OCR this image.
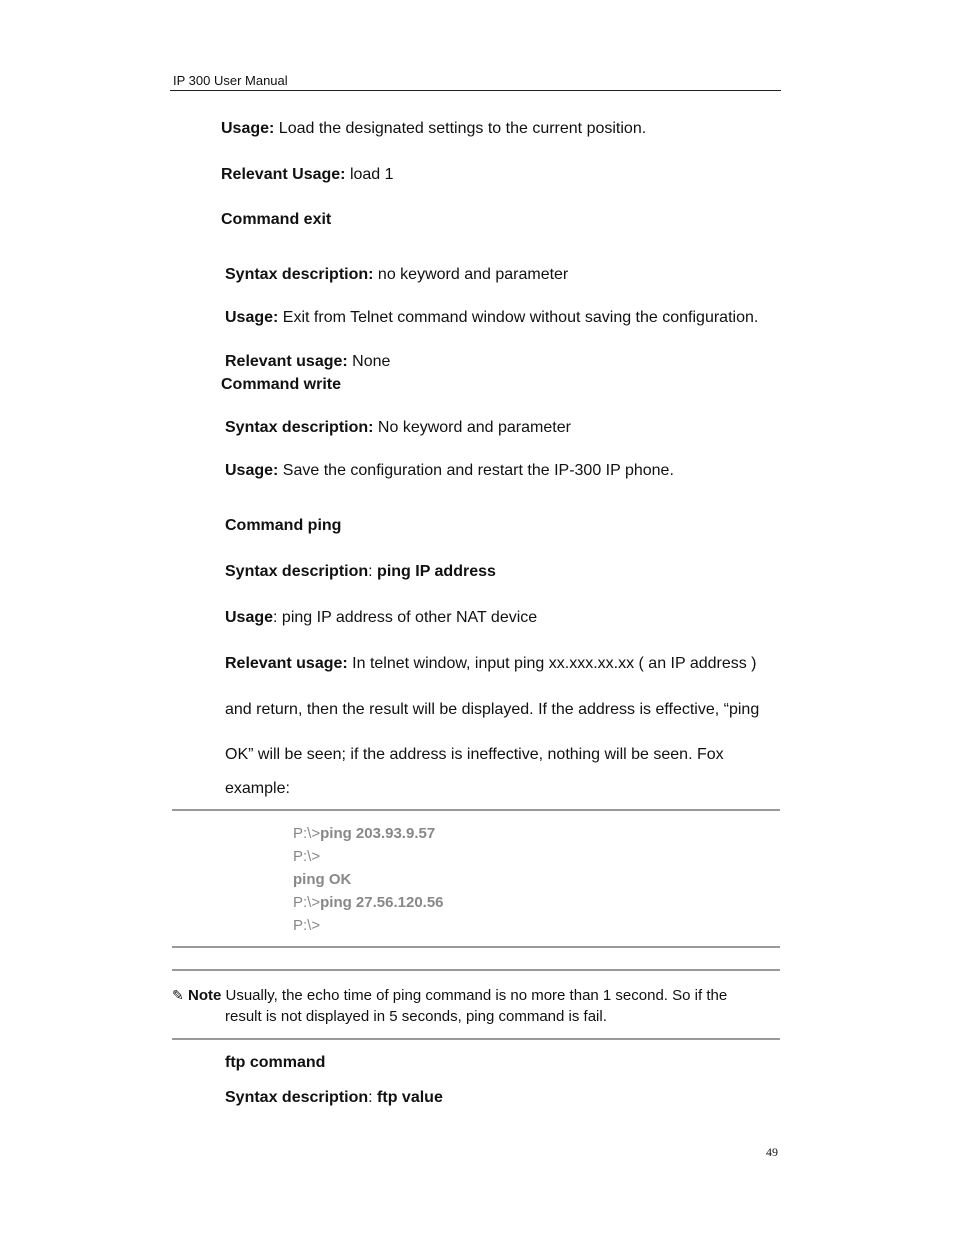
IP 300 User Manual
Usage: Load the designated settings to the current position.
Relevant Usage: load 1
Command exit
Syntax description: no keyword and parameter
Usage: Exit from Telnet command window without saving the configuration.
Relevant usage: None
Command write
Syntax description: No keyword and parameter
Usage: Save the configuration and restart the IP-300 IP phone.
Command ping
Syntax description: ping IP address
Usage: ping IP address of other NAT device
Relevant usage: In telnet window, input ping xx.xxx.xx.xx ( an IP address )
and return, then the result will be displayed. If the address is effective, “ping
OK” will be seen; if the address is ineffective, nothing will be seen. Fox
example:
P:\>ping 203.93.9.57
P:\>
ping OK
P:\>ping 27.56.120.56
P:\>
✎ Note Usually, the echo time of ping command is no more than 1 second. So if the
result is not displayed in 5 seconds, ping command is fail.
ftp command
Syntax description: ftp value
49
